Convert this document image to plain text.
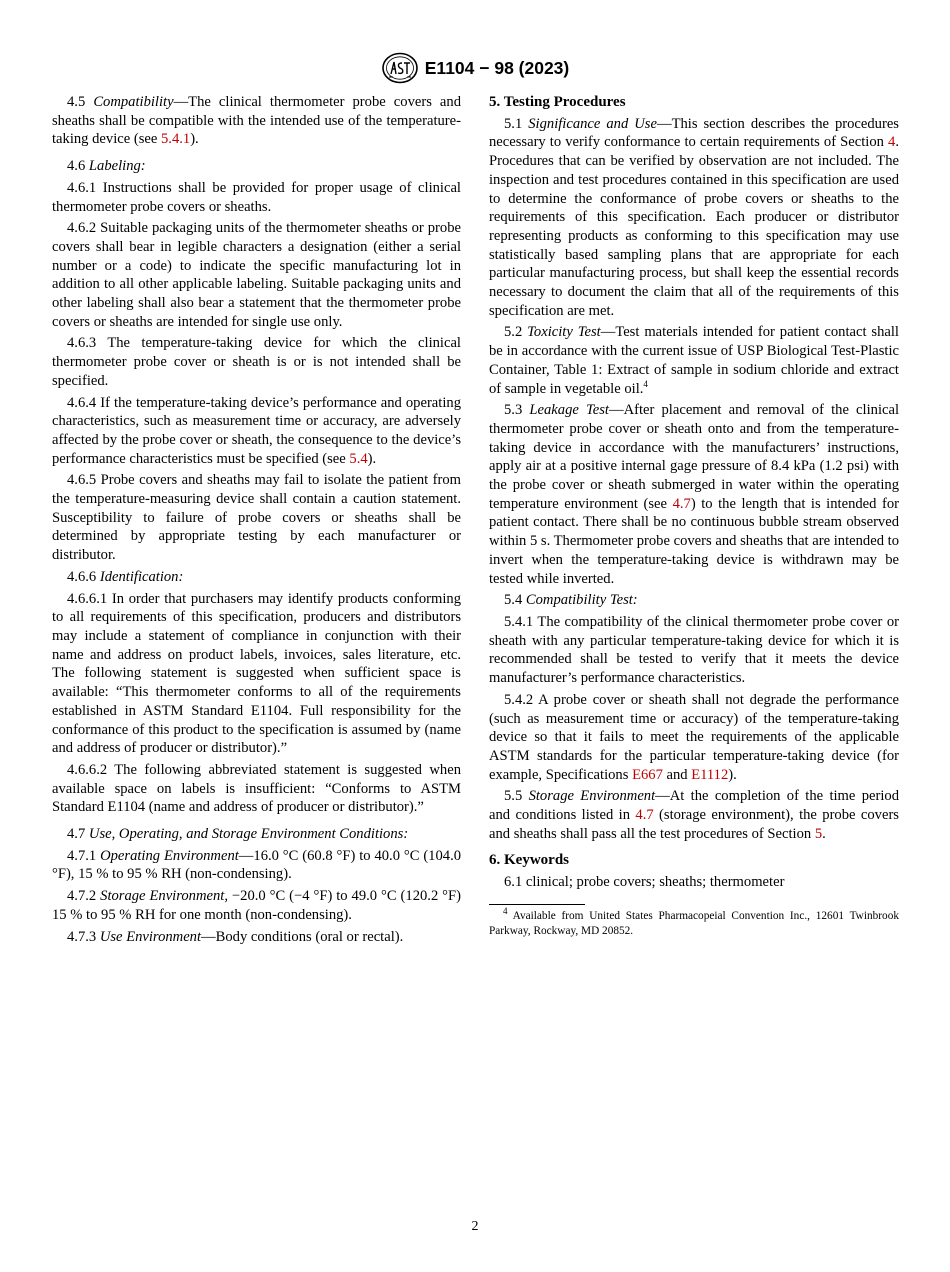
E1104 − 98 (2023)

4.5 Compatibility—The clinical thermometer probe covers and sheaths shall be compatible with the intended use of the temperature-taking device (see 5.4.1).

4.6 Labeling:

4.6.1 Instructions shall be provided for proper usage of clinical thermometer probe covers or sheaths.

4.6.2 Suitable packaging units of the thermometer sheaths or probe covers shall bear in legible characters a designation (either a serial number or a code) to indicate the specific manufacturing lot in addition to all other applicable labeling. Suitable packaging units and other labeling shall also bear a statement that the thermometer probe covers or sheaths are intended for single use only.

4.6.3 The temperature-taking device for which the clinical thermometer probe cover or sheath is or is not intended shall be specified.

4.6.4 If the temperature-taking device’s performance and operating characteristics, such as measurement time or accuracy, are adversely affected by the probe cover or sheath, the consequence to the device’s performance characteristics must be specified (see 5.4).

4.6.5 Probe covers and sheaths may fail to isolate the patient from the temperature-measuring device shall contain a caution statement. Susceptibility to failure of probe covers or sheaths shall be determined by appropriate testing by each manufacturer or distributor.

4.6.6 Identification:

4.6.6.1 In order that purchasers may identify products conforming to all requirements of this specification, producers and distributors may include a statement of compliance in conjunction with their name and address on product labels, invoices, sales literature, etc. The following statement is suggested when sufficient space is available: “This thermometer conforms to all of the requirements established in ASTM Standard E1104. Full responsibility for the conformance of this product to the specification is assumed by (name and address of producer or distributor).”

4.6.6.2 The following abbreviated statement is suggested when available space on labels is insufficient: “Conforms to ASTM Standard E1104 (name and address of producer or distributor).”

4.7 Use, Operating, and Storage Environment Conditions:

4.7.1 Operating Environment—16.0 °C (60.8 °F) to 40.0 °C (104.0 °F), 15 % to 95 % RH (non-condensing).

4.7.2 Storage Environment, −20.0 °C (−4 °F) to 49.0 °C (120.2 °F) 15 % to 95 % RH for one month (non-condensing).

4.7.3 Use Environment—Body conditions (oral or rectal).

5. Testing Procedures

5.1 Significance and Use—This section describes the procedures necessary to verify conformance to certain requirements of Section 4. Procedures that can be verified by observation are not included. The inspection and test procedures contained in this specification are used to determine the conformance of probe covers or sheaths to the requirements of this specification. Each producer or distributor representing products as conforming to this specification may use statistically based sampling plans that are appropriate for each particular manufacturing process, but shall keep the essential records necessary to document the claim that all of the requirements of this specification are met.

5.2 Toxicity Test—Test materials intended for patient contact shall be in accordance with the current issue of USP Biological Test-Plastic Container, Table 1: Extract of sample in sodium chloride and extract of sample in vegetable oil.$^4$

5.3 Leakage Test—After placement and removal of the clinical thermometer probe cover or sheath onto and from the temperature-taking device in accordance with the manufacturers’ instructions, apply air at a positive internal gage pressure of 8.4 kPa (1.2 psi) with the probe cover or sheath submerged in water within the operating temperature environment (see 4.7) to the length that is intended for patient contact. There shall be no continuous bubble stream observed within 5 s. Thermometer probe covers and sheaths that are intended to invert when the temperature-taking device is withdrawn may be tested while inverted.

5.4 Compatibility Test:

5.4.1 The compatibility of the clinical thermometer probe cover or sheath with any particular temperature-taking device for which it is recommended shall be tested to verify that it meets the device manufacturer’s performance characteristics.

5.4.2 A probe cover or sheath shall not degrade the performance (such as measurement time or accuracy) of the temperature-taking device so that it fails to meet the requirements of the applicable ASTM standards for the particular temperature-taking device (for example, Specifications E667 and E1112).

5.5 Storage Environment—At the completion of the time period and conditions listed in 4.7 (storage environment), the probe covers and sheaths shall pass all the test procedures of Section 5.

6. Keywords

6.1 clinical; probe covers; sheaths; thermometer

$^4$ Available from United States Pharmacopeial Convention Inc., 12601 Twinbrook Parkway, Rockway, MD 20852.

2
